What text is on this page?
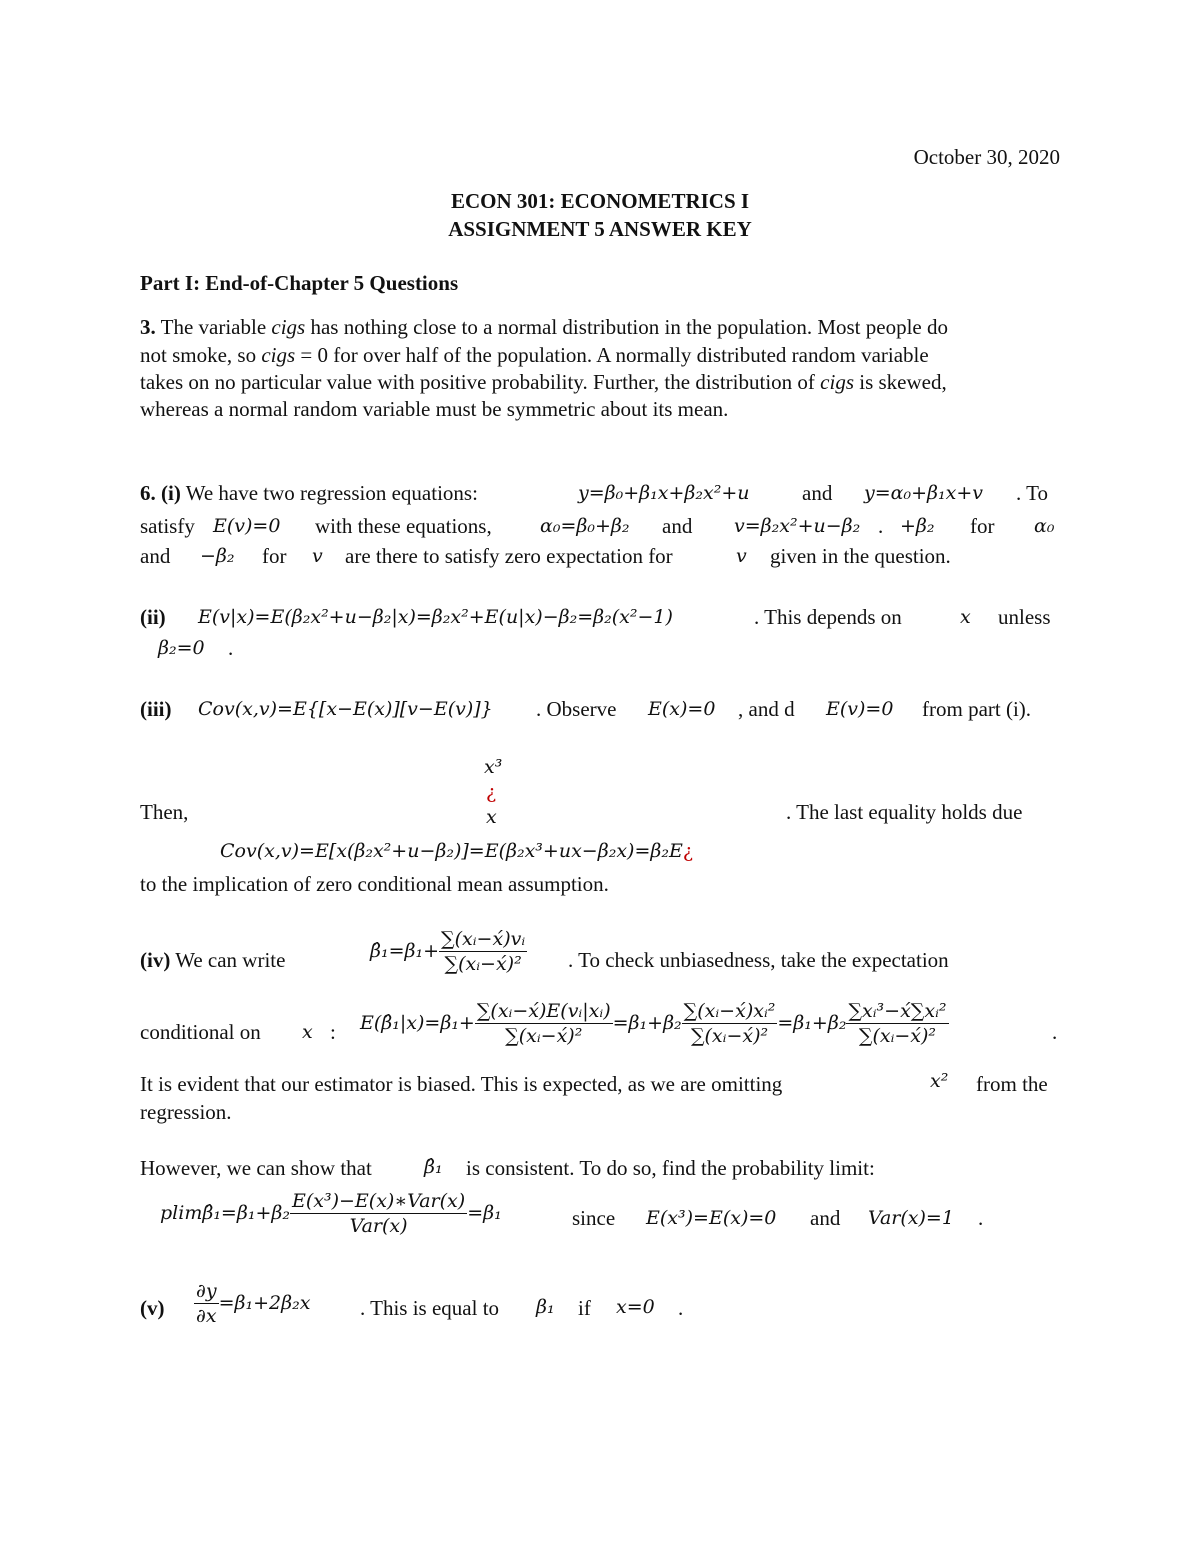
October 30, 2020
ECON 301: ECONOMETRICS I
ASSIGNMENT 5 ANSWER KEY
Part I: End-of-Chapter 5 Questions
3. The variable cigs has nothing close to a normal distribution in the population. Most people do
not smoke, so cigs = 0 for over half of the population. A normally distributed random variable
takes on no particular value with positive probability. Further, the distribution of cigs is skewed,
whereas a normal random variable must be symmetric about its mean.
6. (i) We have two regression equations:	y=β₀+β₁x+β₂x²+u and y=α₀+β₁x+v . To
satisfy E(v)=0 with these equations,	α₀=β₀+β₂ and v=β₂x²+u−β₂ . +β₂ for α₀
and −β₂ for v are there to satisfy zero expectation for	v given in the question.
(ii) E(v|x)=E(β₂x²+u−β₂|x)=β₂x²+E(u|x)−β₂=β₂(x²−1)	. This depends on	x unless
β₂=0 .
(iii) Cov(x,v)=E{[x−E(x)][v−E(v)]} . Observe E(x)=0 , and d E(v)=0 from part (i).
x³
¿
x
Then,	. The last equality holds due
Cov(x,v)=E[x(β₂x²+u−β₂)]=E(β₂x³+ux−β₂x)=β₂E¿
to the implication of zero conditional mean assumption.
(iv) We can write	β̂₁=β₁+ $\frac{\text{∑(xᵢ−x́)vᵢ}}{\text{∑(xᵢ−x́)²}}$ . To check unbiasedness, take the expectation
conditional on x : E(β̂₁|x)=β₁+ $\frac{\text{∑(xᵢ−x́)E(vᵢ|xᵢ)}}{\text{∑(xᵢ−x́)²}} =\beta_1+\beta_2 \frac{\text{∑(xᵢ−x́)xᵢ²}}{\text{∑(xᵢ−x́)²}} =\beta_1+\beta_2 \frac{\text{∑xᵢ³−x́∑xᵢ²}}{\text{∑(xᵢ−x́)²}}$	.
It is evident that our estimator is biased. This is expected, as we are omitting	x² from the
regression.
However, we can show that	β̂₁ is consistent. To do so, find the probability limit:
plimβ̂₁=β₁+β₂ $\frac{\text{E(x³)−E(x)∗Var(x)}}{\text{Var(x)}} =\beta_1$	since E(x³)=E(x)=0 and Var(x)=1 .
$(v) \frac{\partial y}{\partial x} =\beta_1+2\beta_2x$ . This is equal to β₁ if x=0 .
